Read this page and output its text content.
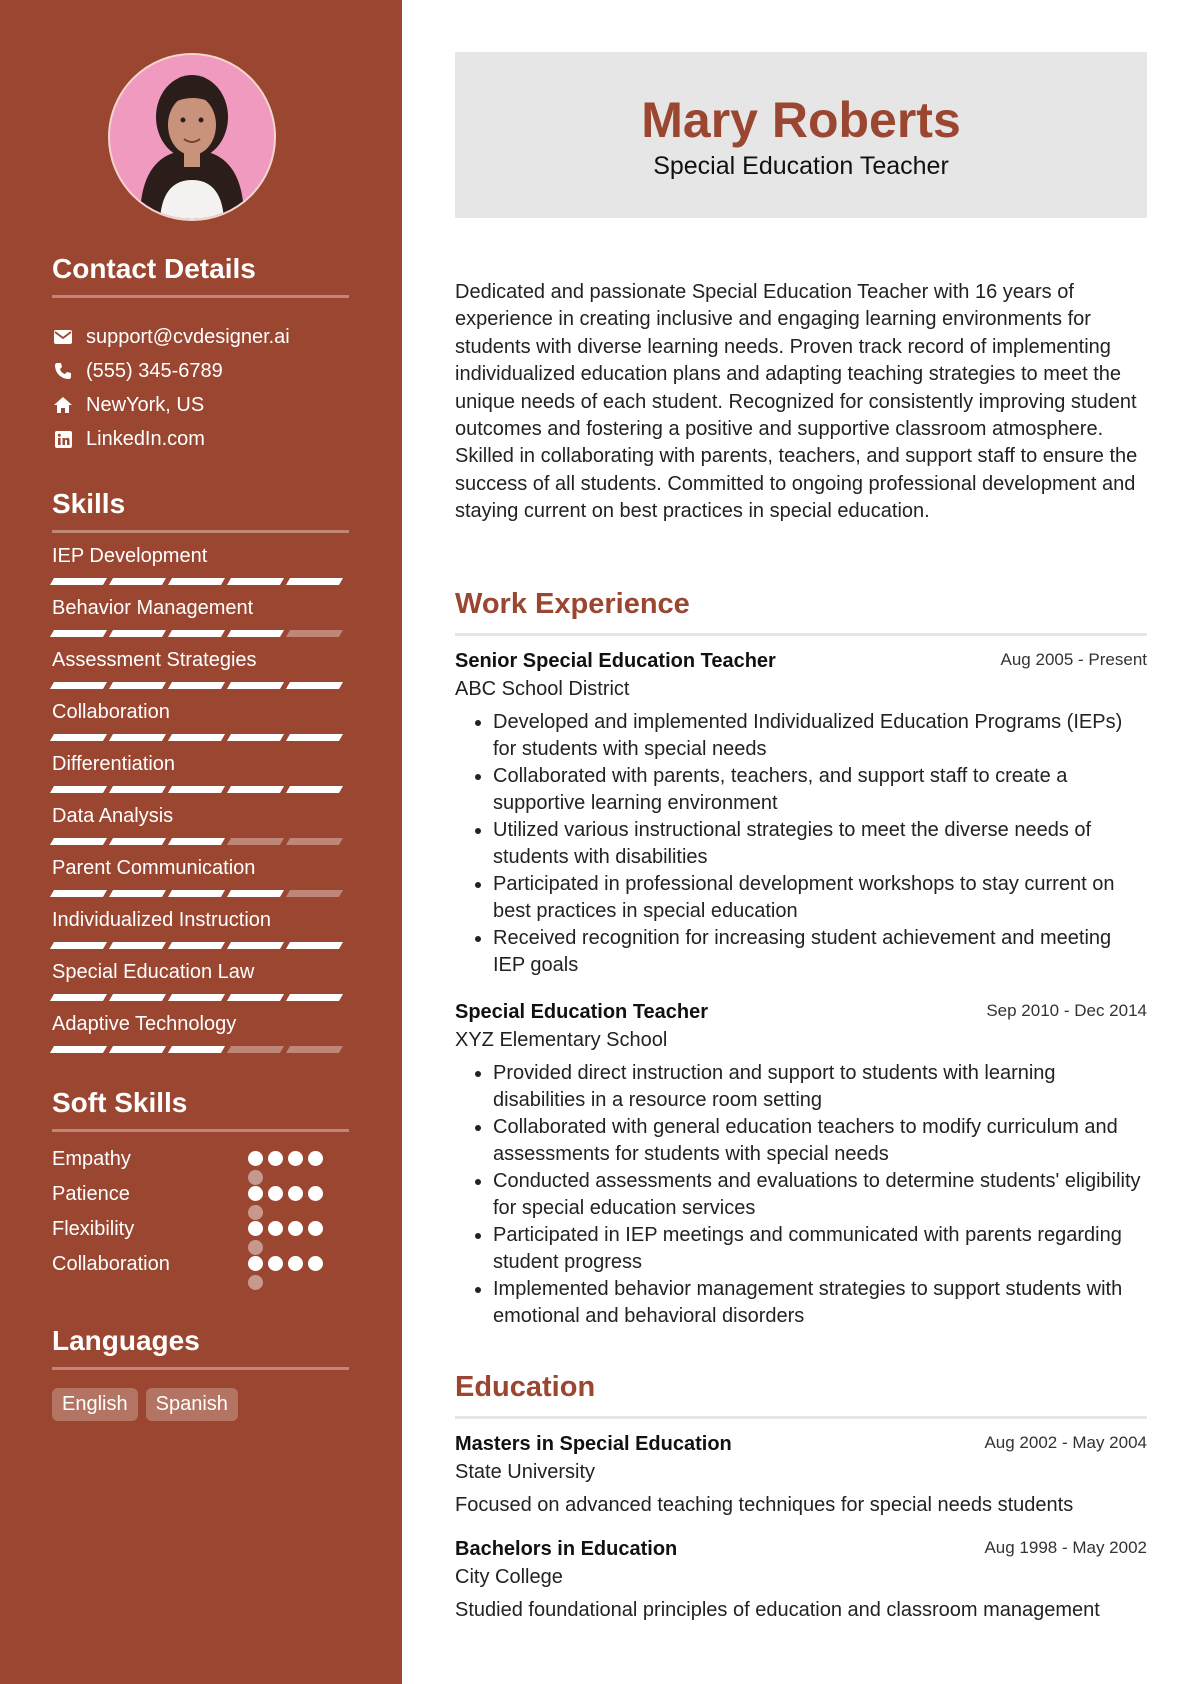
Contact Details
support@cvdesigner.ai
(555) 345-6789
NewYork, US
LinkedIn.com
Skills
IEP Development
Behavior Management
Assessment Strategies
Collaboration
Differentiation
Data Analysis
Parent Communication
Individualized Instruction
Special Education Law
Adaptive Technology
Soft Skills
Empathy
Patience
Flexibility
Collaboration
Languages
English	Spanish
Mary Roberts
Special Education Teacher
Dedicated and passionate Special Education Teacher with 16 years of experience in creating inclusive and engaging learning environments for students with diverse learning needs. Proven track record of implementing individualized education plans and adapting teaching strategies to meet the unique needs of each student. Recognized for consistently improving student outcomes and fostering a positive and supportive classroom atmosphere. Skilled in collaborating with parents, teachers, and support staff to ensure the success of all students. Committed to ongoing professional development and staying current on best practices in special education.
Work Experience
Senior Special Education Teacher	Aug 2005 - Present
ABC School District
• Developed and implemented Individualized Education Programs (IEPs) for students with special needs
• Collaborated with parents, teachers, and support staff to create a supportive learning environment
• Utilized various instructional strategies to meet the diverse needs of students with disabilities
• Participated in professional development workshops to stay current on best practices in special education
• Received recognition for increasing student achievement and meeting IEP goals
Special Education Teacher	Sep 2010 - Dec 2014
XYZ Elementary School
• Provided direct instruction and support to students with learning disabilities in a resource room setting
• Collaborated with general education teachers to modify curriculum and assessments for students with special needs
• Conducted assessments and evaluations to determine students' eligibility for special education services
• Participated in IEP meetings and communicated with parents regarding student progress
• Implemented behavior management strategies to support students with emotional and behavioral disorders
Education
Masters in Special Education	Aug 2002 - May 2004
State University
Focused on advanced teaching techniques for special needs students
Bachelors in Education	Aug 1998 - May 2002
City College
Studied foundational principles of education and classroom management
